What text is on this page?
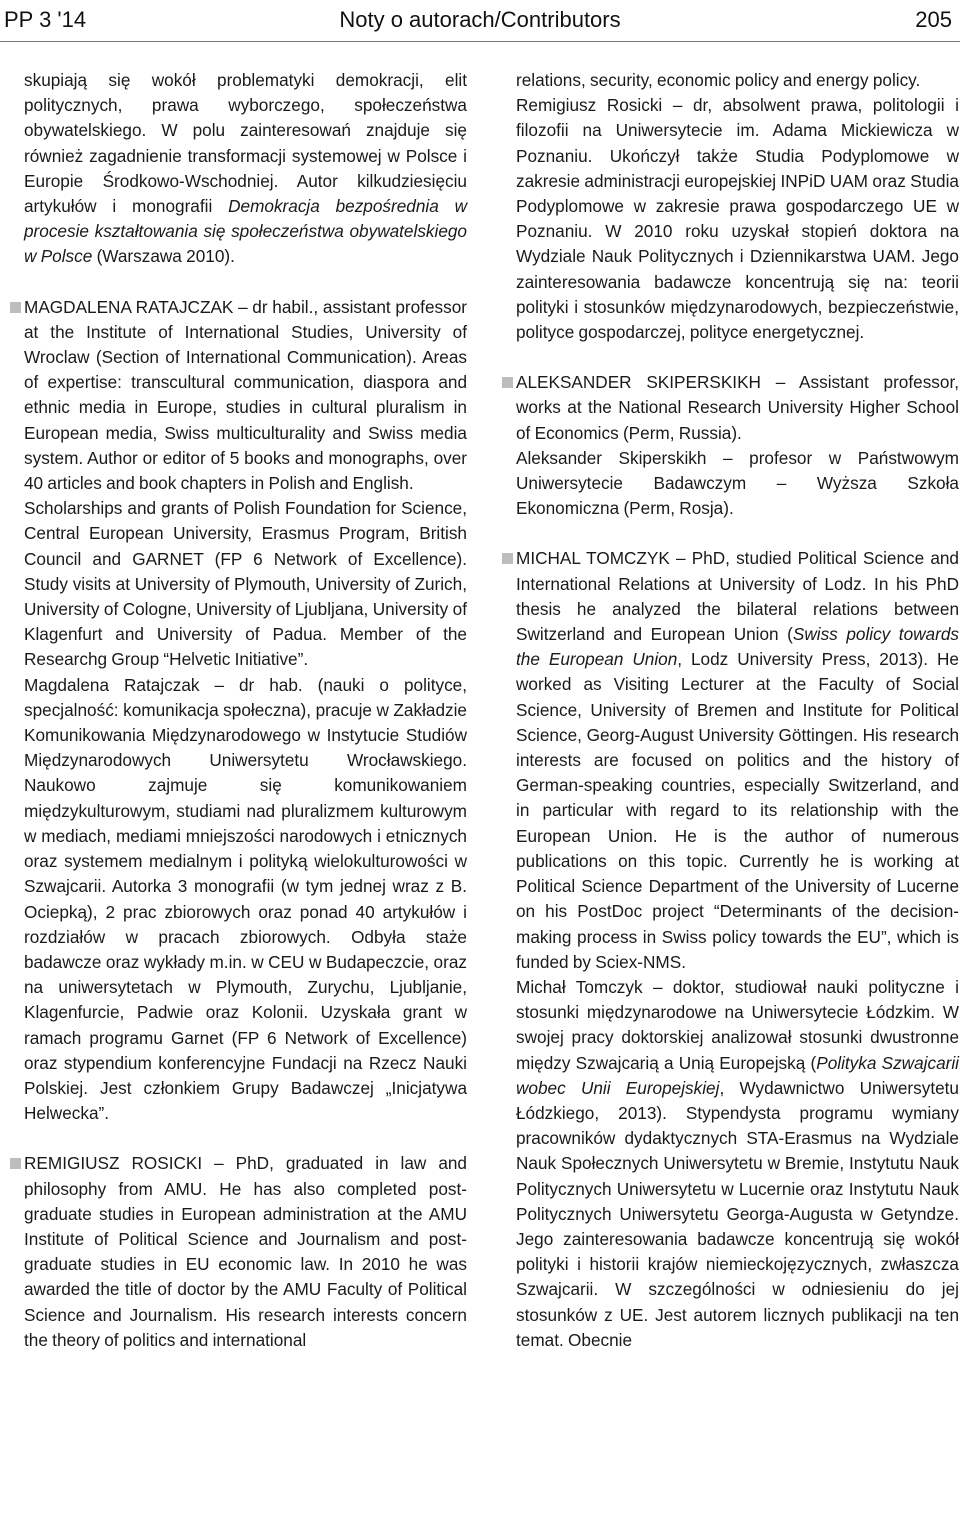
PP 3 '14	Noty o autorach/Contributors	205

skupiają się wokół problematyki demokracji, elit politycznych, prawa wyborczego, społeczeństwa obywatelskiego. W polu zainteresowań znajduje się również zagadnienie transformacji systemowej w Polsce i Europie Środkowo-Wschodniej. Autor kilkudziesięciu artykułów i monografii Demokracja bezpośrednia w procesie kształtowania się społeczeństwa obywatelskiego w Polsce (Warszawa 2010).

MAGDALENA RATAJCZAK – dr habil., assistant professor at the Institute of International Studies, University of Wroclaw (Section of International Communication). Areas of expertise: transcultural communication, diaspora and ethnic media in Europe, studies in cultural pluralism in European media, Swiss multiculturality and Swiss media system. Author or editor of 5 books and monographs, over 40 articles and book chapters in Polish and English.

Scholarships and grants of Polish Foundation for Science, Central European University, Erasmus Program, British Council and GARNET (FP 6 Network of Excellence). Study visits at University of Plymouth, University of Zurich, University of Cologne, University of Ljubljana, University of Klagenfurt and University of Padua. Member of the Researchg Group “Helvetic Initiative”.

Magdalena Ratajczak – dr hab. (nauki o polityce, specjalność: komunikacja społeczna), pracuje w Zakładzie Komunikowania Międzynarodowego w Instytucie Studiów Międzynarodowych Uniwersytetu Wrocławskiego. Naukowo zajmuje się komunikowaniem międzykulturowym, studiami nad pluralizmem kulturowym w mediach, mediami mniejszości narodowych i etnicznych oraz systemem medialnym i polityką wielokulturowości w Szwajcarii. Autorka 3 monografii (w tym jednej wraz z B. Ociepką), 2 prac zbiorowych oraz ponad 40 artykułów i rozdziałów w pracach zbiorowych. Odbyła staże badawcze oraz wykłady m.in. w CEU w Budapeczcie, oraz na uniwersytetach w Plymouth, Zurychu, Ljubljanie, Klagenfurcie, Padwie oraz Kolonii. Uzyskała grant w ramach programu Garnet (FP 6 Network of Excellence) oraz stypendium konferencyjne Fundacji na Rzecz Nauki Polskiej. Jest członkiem Grupy Badawczej „Inicjatywa Helwecka”.

REMIGIUSZ ROSICKI – PhD, graduated in law and philosophy from AMU. He has also completed post-graduate studies in European administration at the AMU Institute of Political Science and Journalism and post-graduate studies in EU economic law. In 2010 he was awarded the title of doctor by the AMU Faculty of Political Science and Journalism. His research interests concern the theory of politics and international

relations, security, economic policy and energy policy.

Remigiusz Rosicki – dr, absolwent prawa, politologii i filozofii na Uniwersytecie im. Adama Mickiewicza w Poznaniu. Ukończył także Studia Podyplomowe w zakresie administracji europejskiej INPiD UAM oraz Studia Podyplomowe w zakresie prawa gospodarczego UE w Poznaniu. W 2010 roku uzyskał stopień doktora na Wydziale Nauk Politycznych i Dziennikarstwa UAM. Jego zainteresowania badawcze koncentrują się na: teorii polityki i stosunków międzynarodowych, bezpieczeństwie, polityce gospodarczej, polityce energetycznej.

ALEKSANDER SKIPERSKIKH – Assistant professor, works at the National Research University Higher School of Economics (Perm, Russia).

Aleksander Skiperskikh – profesor w Państwowym Uniwersytecie Badawczym – Wyższa Szkoła Ekonomiczna (Perm, Rosja).

MICHAL TOMCZYK – PhD, studied Political Science and International Relations at University of Lodz. In his PhD thesis he analyzed the bilateral relations between Switzerland and European Union (Swiss policy towards the European Union, Lodz University Press, 2013). He worked as Visiting Lecturer at the Faculty of Social Science, University of Bremen and Institute for Political Science, Georg-August University Göttingen. His research interests are focused on politics and the history of German-speaking countries, especially Switzerland, and in particular with regard to its relationship with the European Union. He is the author of numerous publications on this topic. Currently he is working at Political Science Department of the University of Lucerne on his PostDoc project “Determinants of the decision-making process in Swiss policy towards the EU”, which is funded by Sciex-NMS.

Michał Tomczyk – doktor, studiował nauki polityczne i stosunki międzynarodowe na Uniwersytecie Łódzkim. W swojej pracy doktorskiej analizował stosunki dwustronne między Szwajcarią a Unią Europejską (Polityka Szwajcarii wobec Unii Europejskiej, Wydawnictwo Uniwersytetu Łódzkiego, 2013). Stypendysta programu wymiany pracowników dydaktycznych STA-Erasmus na Wydziale Nauk Społecznych Uniwersytetu w Bremie, Instytutu Nauk Politycznych Uniwersytetu w Lucernie oraz Instytutu Nauk Politycznych Uniwersytetu Georga-Augusta w Getyndze. Jego zainteresowania badawcze koncentrują się wokół polityki i historii krajów niemieckojęzycznych, zwłaszcza Szwajcarii. W szczególności w odniesieniu do jej stosunków z UE. Jest autorem licznych publikacji na ten temat. Obecnie
